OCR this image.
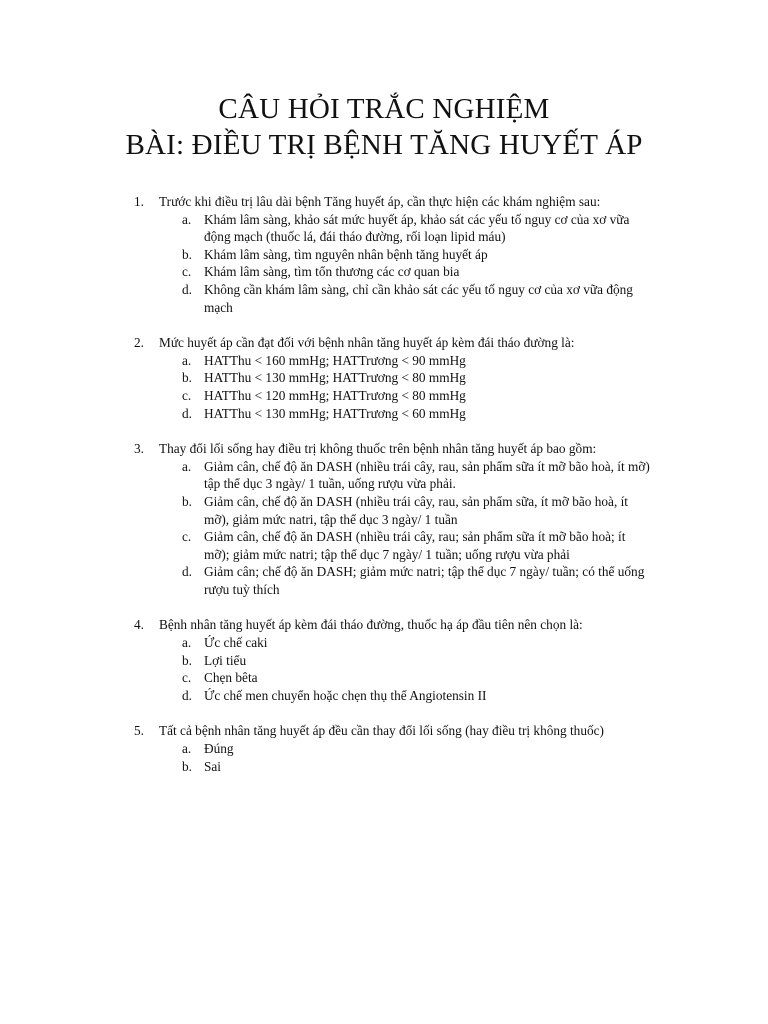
CÂU HỎI TRẮC NGHIỆM
BÀI: ĐIỀU TRỊ BỆNH TĂNG HUYẾT ÁP
1. Trước khi điều trị lâu dài bệnh Tăng huyết áp, cần thực hiện các khám nghiệm sau:
a. Khám lâm sàng, khảo sát mức huyết áp, khảo sát các yếu tố nguy cơ của xơ vữa động mạch (thuốc lá, đái tháo đường, rối loạn lipid máu)
b. Khám lâm sàng, tìm nguyên nhân bệnh tăng huyết áp
c. Khám lâm sàng, tìm tổn thương các cơ quan bia
d. Không cần khám lâm sàng, chỉ cần khảo sát các yếu tố nguy cơ của xơ vữa động mạch
2. Mức huyết áp cần đạt đối với bệnh nhân tăng huyết áp kèm đái tháo đường là:
a. HATThu < 160 mmHg; HATTrương < 90 mmHg
b. HATThu < 130 mmHg; HATTrương < 80 mmHg
c. HATThu < 120 mmHg; HATTrương < 80 mmHg
d. HATThu < 130 mmHg; HATTrương < 60 mmHg
3. Thay đổi lối sống hay điều trị không thuốc trên bệnh nhân tăng huyết áp bao gồm:
a. Giảm cân, chế độ ăn DASH (nhiều trái cây, rau, sản phẩm sữa ít mỡ bão hoà, ít mỡ) tập thể dục 3 ngày/ 1 tuần, uống rượu vừa phải.
b. Giảm cân, chế độ ăn DASH (nhiều trái cây, rau, sản phẩm sữa, ít mỡ bão hoà, ít mỡ), giảm mức natri, tập thể dục 3 ngày/ 1 tuần
c. Giảm cân, chế độ ăn DASH (nhiều trái cây, rau; sản phẩm sữa ít mỡ bão hoà; ít mỡ); giảm mức natri; tập thể dục 7 ngày/ 1 tuần; uống rượu vừa phải
d. Giảm cân; chế độ ăn DASH; giảm mức natri; tập thể dục 7 ngày/ tuần; có thể uống rượu tuỳ thích
4. Bệnh nhân tăng huyết áp kèm đái tháo đường, thuốc hạ áp đầu tiên nên chọn là:
a. Ức chế caki
b. Lợi tiểu
c. Chẹn bêta
d. Ức chế men chuyển hoặc chẹn thụ thể Angiotensin II
5. Tất cả bệnh nhân tăng huyết áp đều cần thay đổi lối sống (hay điều trị không thuốc)
a. Đúng
b. Sai
